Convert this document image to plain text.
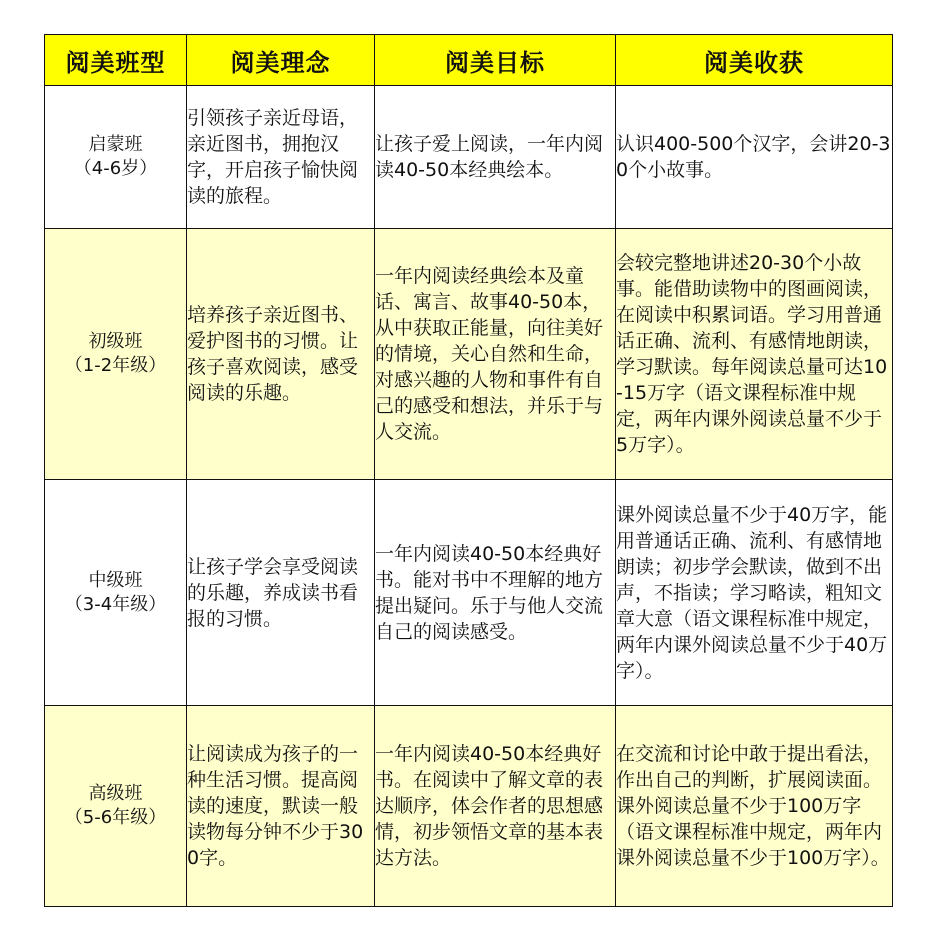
阅美班型	阅美理念	阅美目标	阅美收获

启蒙班
（4-6岁）	引领孩子亲近母语，亲近图书，拥抱汉字，开启孩子愉快阅读的旅程。	让孩子爱上阅读，一年内阅读40-50本经典绘本。	认识400-500个汉字，会讲20-30个小故事。

初级班
（1-2年级）	培养孩子亲近图书、爱护图书的习惯。让孩子喜欢阅读，感受阅读的乐趣。	一年内阅读经典绘本及童话、寓言、故事40-50本，从中获取正能量，向往美好的情境，关心自然和生命，对感兴趣的人物和事件有自己的感受和想法，并乐于与人交流。	会较完整地讲述20-30个小故事。能借助读物中的图画阅读，在阅读中积累词语。学习用普通话正确、流利、有感情地朗读，学习默读。每年阅读总量可达10-15万字（语文课程标准中规定，两年内课外阅读总量不少于5万字）。

中级班
（3-4年级）	让孩子学会享受阅读的乐趣，养成读书看报的习惯。	一年内阅读40-50本经典好书。能对书中不理解的地方提出疑问。乐于与他人交流自己的阅读感受。	课外阅读总量不少于40万字，能用普通话正确、流利、有感情地朗读；初步学会默读，做到不出声，不指读；学习略读，粗知文章大意（语文课程标准中规定，两年内课外阅读总量不少于40万字）。

高级班
（5-6年级）	让阅读成为孩子的一种生活习惯。提高阅读的速度，默读一般读物每分钟不少于300字。	一年内阅读40-50本经典好书。在阅读中了解文章的表达顺序，体会作者的思想感情，初步领悟文章的基本表达方法。	在交流和讨论中敢于提出看法，作出自己的判断，扩展阅读面。课外阅读总量不少于100万字（语文课程标准中规定，两年内课外阅读总量不少于100万字）。
